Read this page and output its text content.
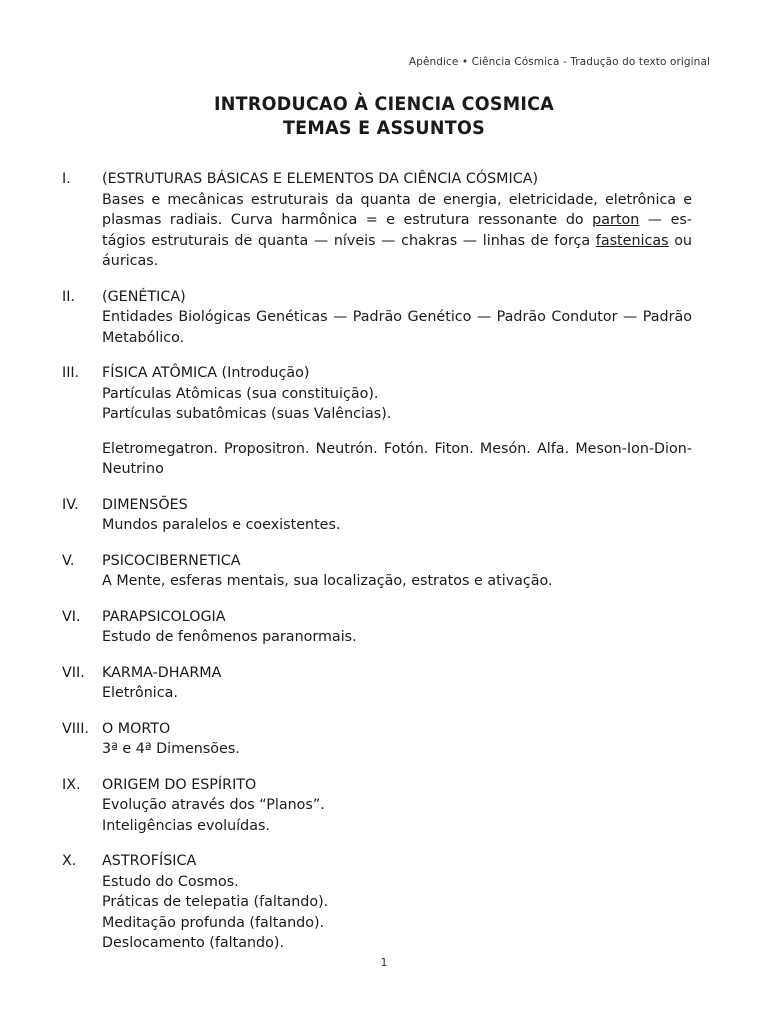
Apêndice • Ciência Cósmica - Tradução do texto original
INTRODUCAO À CIENCIA COSMICA
TEMAS E ASSUNTOS
I.	(ESTRUTURAS BÁSICAS E ELEMENTOS DA CIÊNCIA CÓSMICA)
Bases e mecânicas estruturais da quanta de energia, eletricidade, eletrônica e plasmas radiais. Curva harmônica = e estrutura ressonante do parton — es-tágios estruturais de quanta — níveis — chakras — linhas de força fastenicas ou áuricas.
II.	(GENÉTICA)
Entidades Biológicas Genéticas — Padrão Genético — Padrão Condutor — Padrão Metabólico.
III.	FÍSICA ATÔMICA (Introdução)
Partículas Atômicas (sua constituição).
Partículas subatômicas (suas Valências).
Eletromegatron. Propositron. Neutrón. Fotón. Fiton. Mesón. Alfa. Meson-Ion-Dion-Neutrino
IV.	DIMENSÕES
Mundos paralelos e coexistentes.
V.	PSICOCIBERNETICA
A Mente, esferas mentais, sua localização, estratos e ativação.
VI.	PARAPSICOLOGIA
Estudo de fenômenos paranormais.
VII.	KARMA-DHARMA
Eletrônica.
VIII. O MORTO
3ª e 4ª Dimensões.
IX.	ORIGEM DO ESPÍRITO
Evolução através dos “Planos”.
Inteligências evoluídas.
X.	ASTROFÍSICA
Estudo do Cosmos.
Práticas de telepatia (faltando).
Meditação profunda (faltando).
Deslocamento (faltando).
1
